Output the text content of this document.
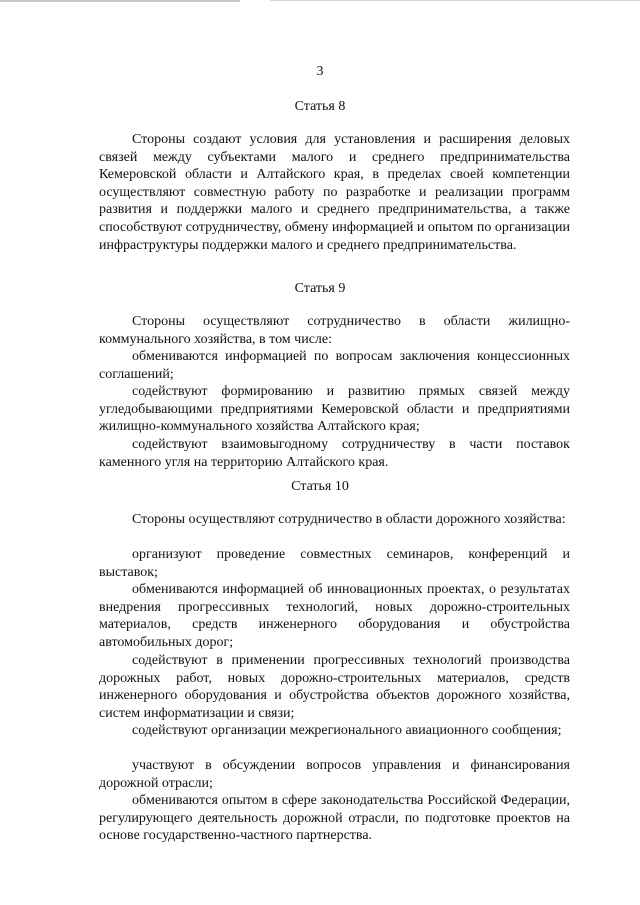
3
Статья 8

Стороны создают условия для установления и расширения деловых связей между субъектами малого и среднего предпринимательства Кемеровской области и Алтайского края, в пределах своей компетенции осуществляют совместную работу по разработке и реализации программ развития и поддержки малого и среднего предпринимательства, а также способствуют сотрудничеству, обмену информацией и опытом по организации инфраструктуры поддержки малого и среднего предпринимательства.

Статья 9

Стороны осуществляют сотрудничество в области жилищно-коммунального хозяйства, в том числе:

обмениваются информацией по вопросам заключения концессионных соглашений;

содействуют формированию и развитию прямых связей между угледобывающими предприятиями Кемеровской области и предприятиями жилищно-коммунального хозяйства Алтайского края;

содействуют взаимовыгодному сотрудничеству в части поставок каменного угля на территорию Алтайского края.

Статья 10

Стороны осуществляют сотрудничество в области дорожного хозяйства:

организуют проведение совместных семинаров, конференций и выставок;

обмениваются информацией об инновационных проектах, о результатах внедрения прогрессивных технологий, новых дорожно-строительных материалов, средств инженерного оборудования и обустройства автомобильных дорог;

содействуют в применении прогрессивных технологий производства дорожных работ, новых дорожно-строительных материалов, средств инженерного оборудования и обустройства объектов дорожного хозяйства, систем информатизации и связи;

содействуют организации межрегионального авиационного сообщения;

участвуют в обсуждении вопросов управления и финансирования дорожной отрасли;

обмениваются опытом в сфере законодательства Российской Федерации, регулирующего деятельность дорожной отрасли, по подготовке проектов на основе государственно-частного партнерства.
